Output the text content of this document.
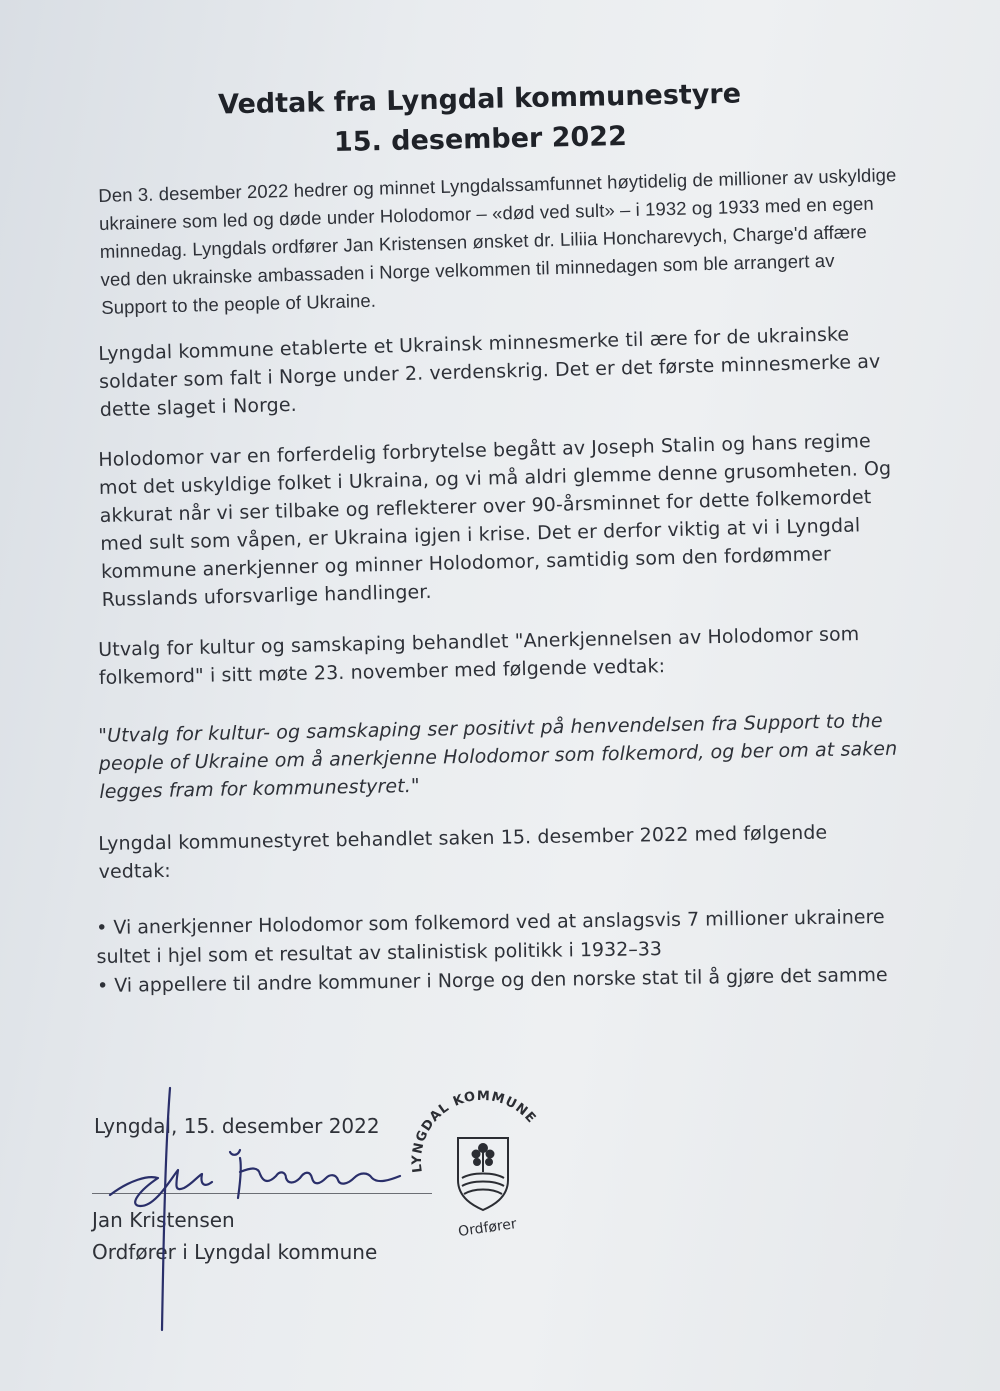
Vedtak fra Lyngdal kommunestyre
15. desember 2022
Den 3. desember 2022 hedrer og minnet Lyngdalssamfunnet høytidelig de millioner av uskyldige ukrainere som led og døde under Holodomor – «død ved sult» – i 1932 og 1933 med en egen minnedag. Lyngdals ordfører Jan Kristensen ønsket dr. Liliia Honcharevych, Charge'd affære ved den ukrainske ambassaden i Norge velkommen til minnedagen som ble arrangert av Support to the people of Ukraine.
Lyngdal kommune etablerte et Ukrainsk minnesmerke til ære for de ukrainske soldater som falt i Norge under 2. verdenskrig. Det er det første minnesmerke av dette slaget i Norge.
Holodomor var en forferdelig forbrytelse begått av Joseph Stalin og hans regime mot det uskyldige folket i Ukraina, og vi må aldri glemme denne grusomheten. Og akkurat når vi ser tilbake og reflekterer over 90-årsminnet for dette folkemordet med sult som våpen, er Ukraina igjen i krise. Det er derfor viktig at vi i Lyngdal kommune anerkjenner og minner Holodomor, samtidig som den fordømmer Russlands uforsvarlige handlinger.
Utvalg for kultur og samskaping behandlet "Anerkjennelsen av Holodomor som folkemord" i sitt møte 23. november med følgende vedtak:
"Utvalg for kultur- og samskaping ser positivt på henvendelsen fra Support to the people of Ukraine om å anerkjenne Holodomor som folkemord, og ber om at saken legges fram for kommunestyret."
Lyngdal kommunestyret behandlet saken 15. desember 2022 med følgende vedtak:
• Vi anerkjenner Holodomor som folkemord ved at anslagsvis 7 millioner ukrainere sultet i hjel som et resultat av stalinistisk politikk i 1932–33
• Vi appellere til andre kommuner i Norge og den norske stat til å gjøre det samme
Lyngdal, 15. desember 2022
Jan Kristensen
Ordfører i Lyngdal kommune
LYNGDAL KOMMUNE
Ordfører
